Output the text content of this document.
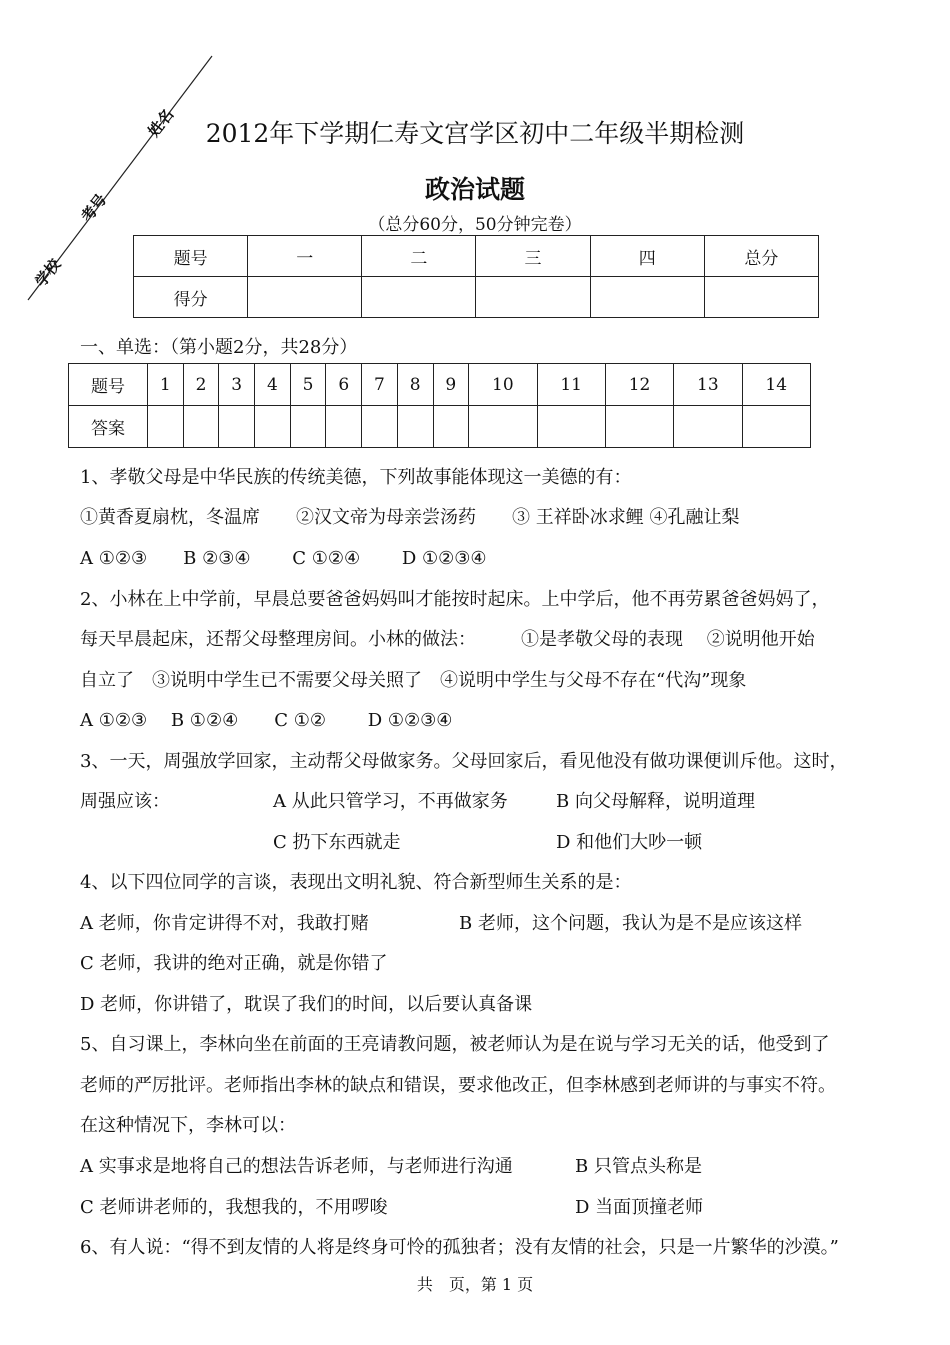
学校
考号
姓名	2012年下学期仁寿文宫学区初中二年级半期检测
政治试题
（总分60分，50分钟完卷）
题号	一	二	三	四	总分
得分					
一、单选：（第小题2分，共28分）
题号	1	2	3	4	5	6	7	8	9	10	11	12	13	14
答案														
1、孝敬父母是中华民族的传统美德，下列故事能体现这一美德的有：
①黄香夏扇枕，冬温席　　②汉文帝为母亲尝汤药　　③ 王祥卧冰求鲤 ④孔融让梨
A ①②③　　B ②③④　　 C ①②④　　 D ①②③④
2、小林在上中学前，早晨总要爸爸妈妈叫才能按时起床。上中学后，他不再劳累爸爸妈妈了，
每天早晨起床，还帮父母整理房间。小林的做法：　　　①是孝敬父母的表现　 ②说明他开始
自立了　③说明中学生已不需要父母关照了　④说明中学生与父母不存在“代沟”现象
A ①②③　 B ①②④　　C ①②　　 D ①②③④
3、一天，周强放学回家，主动帮父母做家务。父母回家后，看见他没有做功课便训斥他。这时，
周强应该：	A 从此只管学习，不再做家务	B 向父母解释，说明道理
C 扔下东西就走	D 和他们大吵一顿
4、以下四位同学的言谈，表现出文明礼貌、符合新型师生关系的是：
A 老师，你肯定讲得不对，我敢打赌	B 老师，这个问题，我认为是不是应该这样
C 老师，我讲的绝对正确，就是你错了
D 老师，你讲错了，耽误了我们的时间，以后要认真备课
5、自习课上，李林向坐在前面的王亮请教问题，被老师认为是在说与学习无关的话，他受到了
老师的严厉批评。老师指出李林的缺点和错误，要求他改正，但李林感到老师讲的与事实不符。
在这种情况下，李林可以：
A 实事求是地将自己的想法告诉老师，与老师进行沟通	B 只管点头称是
C 老师讲老师的，我想我的，不用啰唆	D 当面顶撞老师
6、有人说：“得不到友情的人将是终身可怜的孤独者；没有友情的社会，只是一片繁华的沙漠。”
共　页，第 1 页
